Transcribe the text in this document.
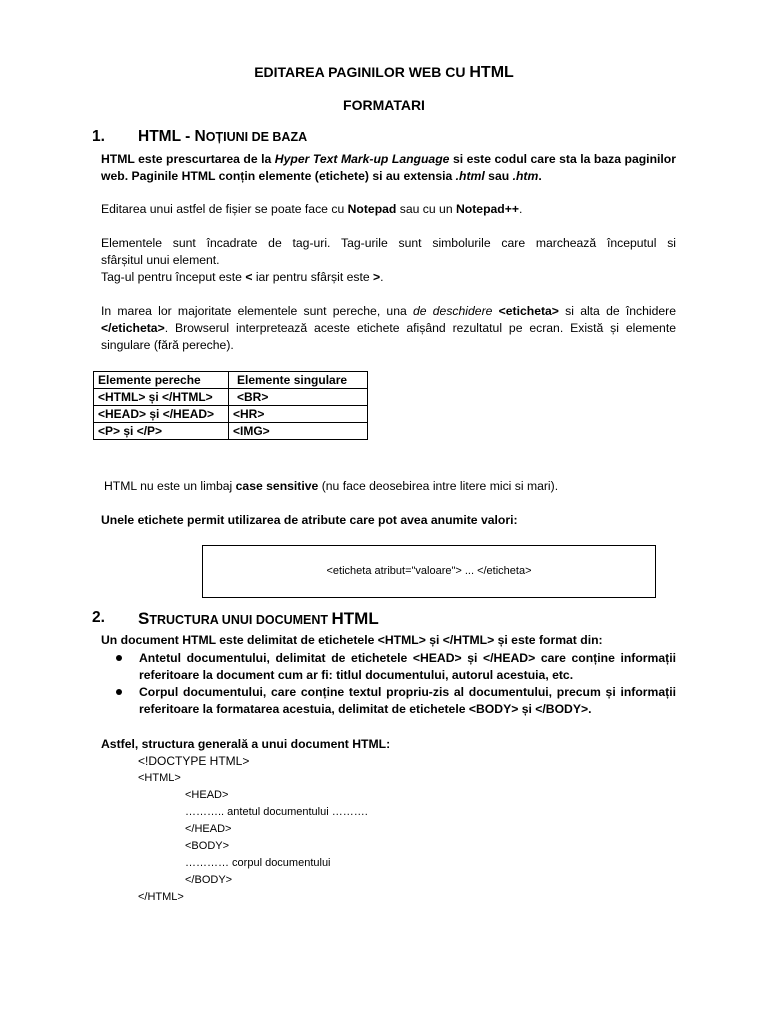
EDITAREA PAGINILOR WEB CU HTML
FORMATARI
1. HTML - NOȚIUNI DE BAZA
HTML este prescurtarea de la Hyper Text Mark-up Language si este codul care sta la baza paginilor
web. Paginile HTML conțin elemente (etichete) si au extensia .html sau .htm.
Editarea unui astfel de fișier se poate face cu Notepad sau cu un Notepad++.
Elementele sunt încadrate de tag-uri. Tag-urile sunt simbolurile care marchează începutul si
sfârșitul unui element.
Tag-ul pentru început este < iar pentru sfârșit este >.
In marea lor majoritate elementele sunt pereche, una de deschidere <eticheta> si alta de închidere
</eticheta>. Browserul interpretează aceste etichete afișând rezultatul pe ecran. Există și elemente
singulare (fără pereche).
Elemente pereche	Elemente singulare
<HTML> și </HTML>	<BR>
<HEAD> și </HEAD>	<HR>
<P> și </P>	<IMG>
HTML nu este un limbaj case sensitive (nu face deosebirea intre litere mici si mari).
Unele etichete permit utilizarea de atribute care pot avea anumite valori:
<eticheta atribut="valoare"> ... </eticheta>
2. STRUCTURA UNUI DOCUMENT HTML
Un document HTML este delimitat de etichetele <HTML> și </HTML> și este format din:
Antetul documentului, delimitat de etichetele <HEAD> și </HEAD> care conține informații
referitoare la document cum ar fi: titlul documentului, autorul acestuia, etc.
Corpul documentului, care conține textul propriu-zis al documentului, precum și informații
referitoare la formatarea acestuia, delimitat de etichetele <BODY> și </BODY>.
Astfel, structura generală a unui document HTML:
<!DOCTYPE HTML>
<HTML>
<HEAD>
……….. antetul documentului ……….
</HEAD>
<BODY>
………… corpul documentului
</BODY>
</HTML>
